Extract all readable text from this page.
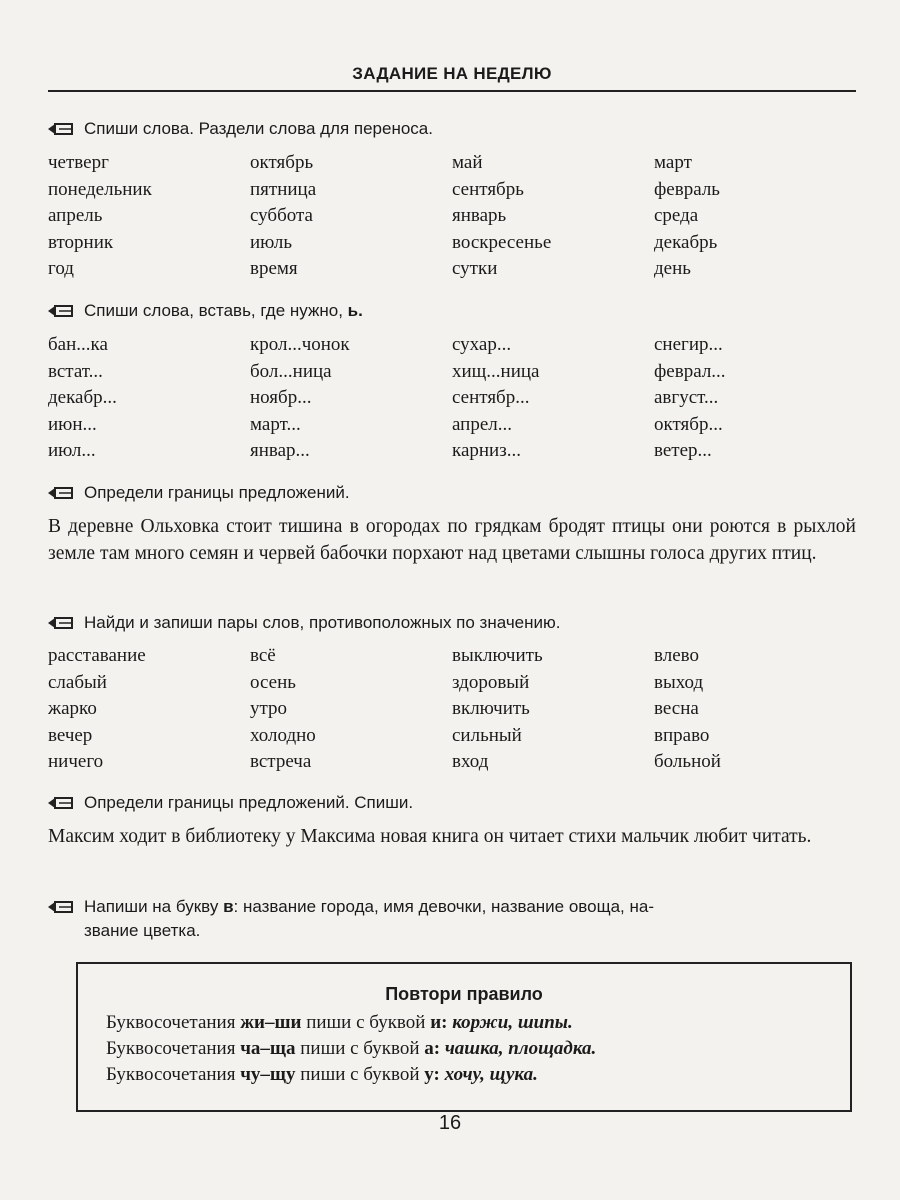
ЗАДАНИЕ НА НЕДЕЛЮ
Спиши слова. Раздели слова для переноса.
четверг	октябрь	май	март
понедельник	пятница	сентябрь	февраль
апрель	суббота	январь	среда
вторник	июль	воскресенье	декабрь
год	время	сутки	день
Спиши слова, вставь, где нужно, ь.
бан...ка	крол...чонок	сухар...	снегир...
встат...	бол...ница	хищ...ница	феврал...
декабр...	ноябр...	сентябр...	август...
июн...	март...	апрел...	октябр...
июл...	январ...	карниз...	ветер...
Определи границы предложений.
В деревне Ольховка стоит тишина в огородах по грядкам бродят птицы они роются в рыхлой земле там много семян и червей бабочки порхают над цветами слышны голоса других птиц.
Найди и запиши пары слов, противоположных по значению.
расставание	всё	выключить	влево
слабый	осень	здоровый	выход
жарко	утро	включить	весна
вечер	холодно	сильный	вправо
ничего	встреча	вход	больной
Определи границы предложений. Спиши.
Максим ходит в библиотеку у Максима новая книга он читает стихи мальчик любит читать.
Напиши на букву в: название города, имя девочки, название овоща, на-
звание цветка.
Повтори правило
Буквосочетания жи–ши пиши с буквой и: коржи, шипы.
Буквосочетания ча–ща пиши с буквой а: чашка, площадка.
Буквосочетания чу–щу пиши с буквой у: хочу, щука.
16
